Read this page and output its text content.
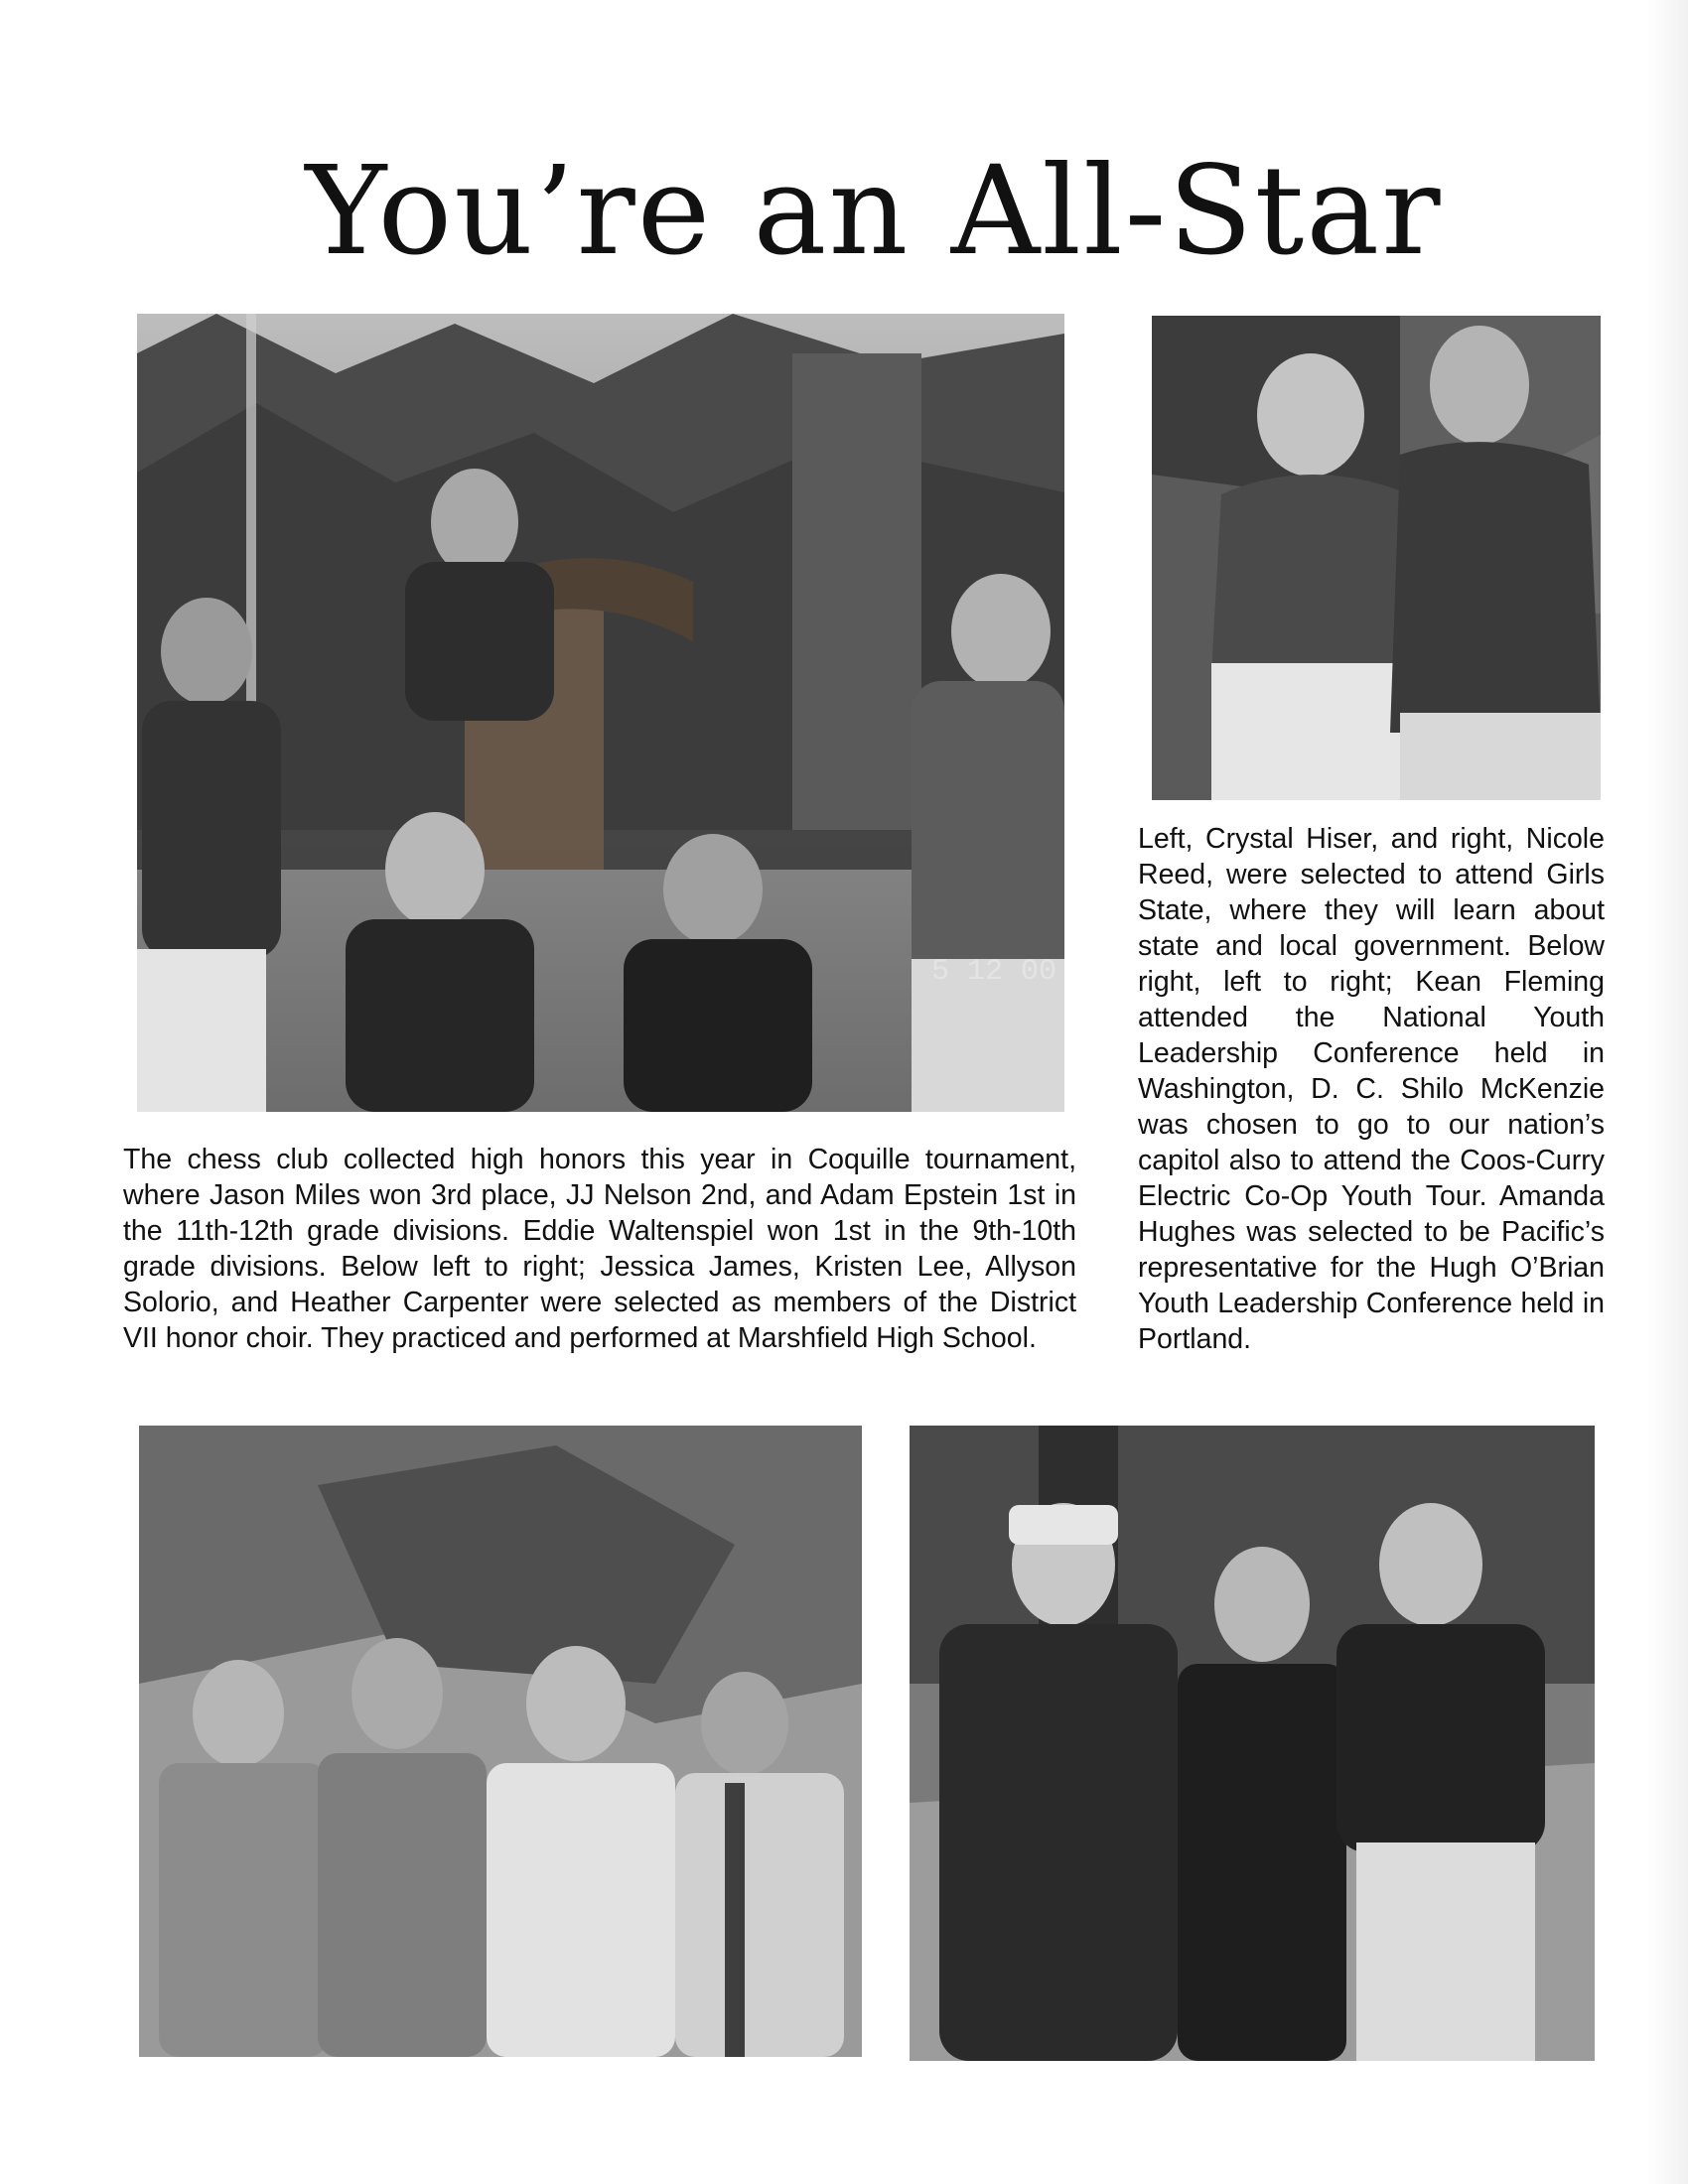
You’re an All-Star
5 12 00

Left, Crystal Hiser, and right, Nicole Reed, were selected to attend Girls State, where they will learn about state and local government. Below right, left to right; Kean Fleming attended the National Youth Leadership Conference held in Washington, D. C. Shilo McKenzie was chosen to go to our nation’s capitol also to attend the Coos-Curry Electric Co-Op Youth Tour. Amanda Hughes was selected to be Pacific’s representative for the Hugh O’Brian Youth Leadership Conference held in Portland.

The chess club collected high honors this year in Coquille tournament, where Jason Miles won 3rd place, JJ Nelson 2nd, and Adam Epstein 1st in the 11th-12th grade divisions. Eddie Waltenspiel won 1st in the 9th-10th grade divisions. Below left to right; Jessica James, Kristen Lee, Allyson Solorio, and Heather Carpenter were selected as members of the District VII honor choir. They practiced and performed at Marshfield High School.
